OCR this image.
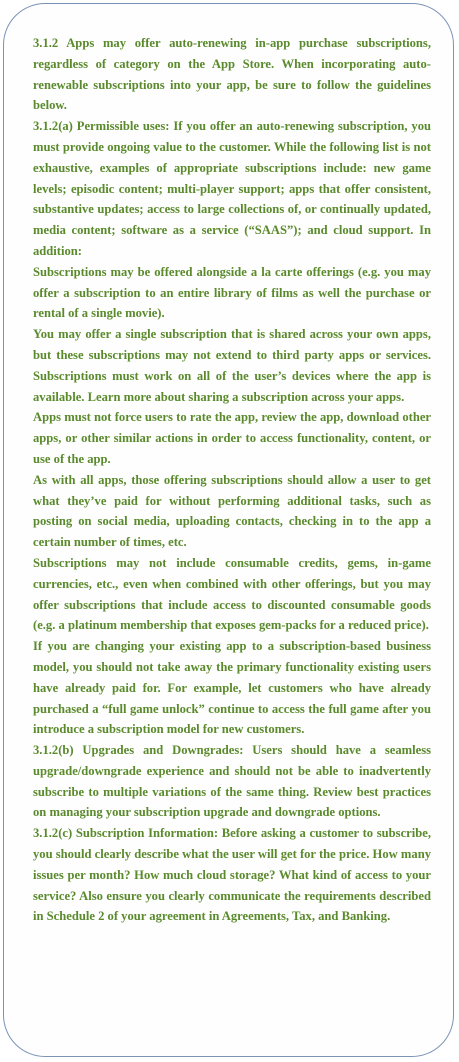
3.1.2 Apps may offer auto-renewing in-app purchase subscriptions, regardless of category on the App Store. When incorporating auto-renewable subscriptions into your app, be sure to follow the guidelines below.

3.1.2(a) Permissible uses: If you offer an auto-renewing subscription, you must provide ongoing value to the customer. While the following list is not exhaustive, examples of appropriate subscriptions include: new game levels; episodic content; multi-player support; apps that offer consistent, substantive updates; access to large collections of, or continually updated, media content; software as a service (“SAAS”); and cloud support. In addition:

Subscriptions may be offered alongside a la carte offerings (e.g. you may offer a subscription to an entire library of films as well the purchase or rental of a single movie).

You may offer a single subscription that is shared across your own apps, but these subscriptions may not extend to third party apps or services. Subscriptions must work on all of the user’s devices where the app is available. Learn more about sharing a subscription across your apps.

Apps must not force users to rate the app, review the app, download other apps, or other similar actions in order to access functionality, content, or use of the app.

As with all apps, those offering subscriptions should allow a user to get what they’ve paid for without performing additional tasks, such as posting on social media, uploading contacts, checking in to the app a certain number of times, etc.

Subscriptions may not include consumable credits, gems, in-game currencies, etc., even when combined with other offerings, but you may offer subscriptions that include access to discounted consumable goods (e.g. a platinum membership that exposes gem-packs for a reduced price).

If you are changing your existing app to a subscription-based business model, you should not take away the primary functionality existing users have already paid for. For example, let customers who have already purchased a “full game unlock” continue to access the full game after you introduce a subscription model for new customers.

3.1.2(b) Upgrades and Downgrades: Users should have a seamless upgrade/downgrade experience and should not be able to inadvertently subscribe to multiple variations of the same thing. Review best practices on managing your subscription upgrade and downgrade options.

3.1.2(c) Subscription Information: Before asking a customer to subscribe, you should clearly describe what the user will get for the price. How many issues per month? How much cloud storage? What kind of access to your service? Also ensure you clearly communicate the requirements described in Schedule 2 of your agreement in Agreements, Tax, and Banking.
